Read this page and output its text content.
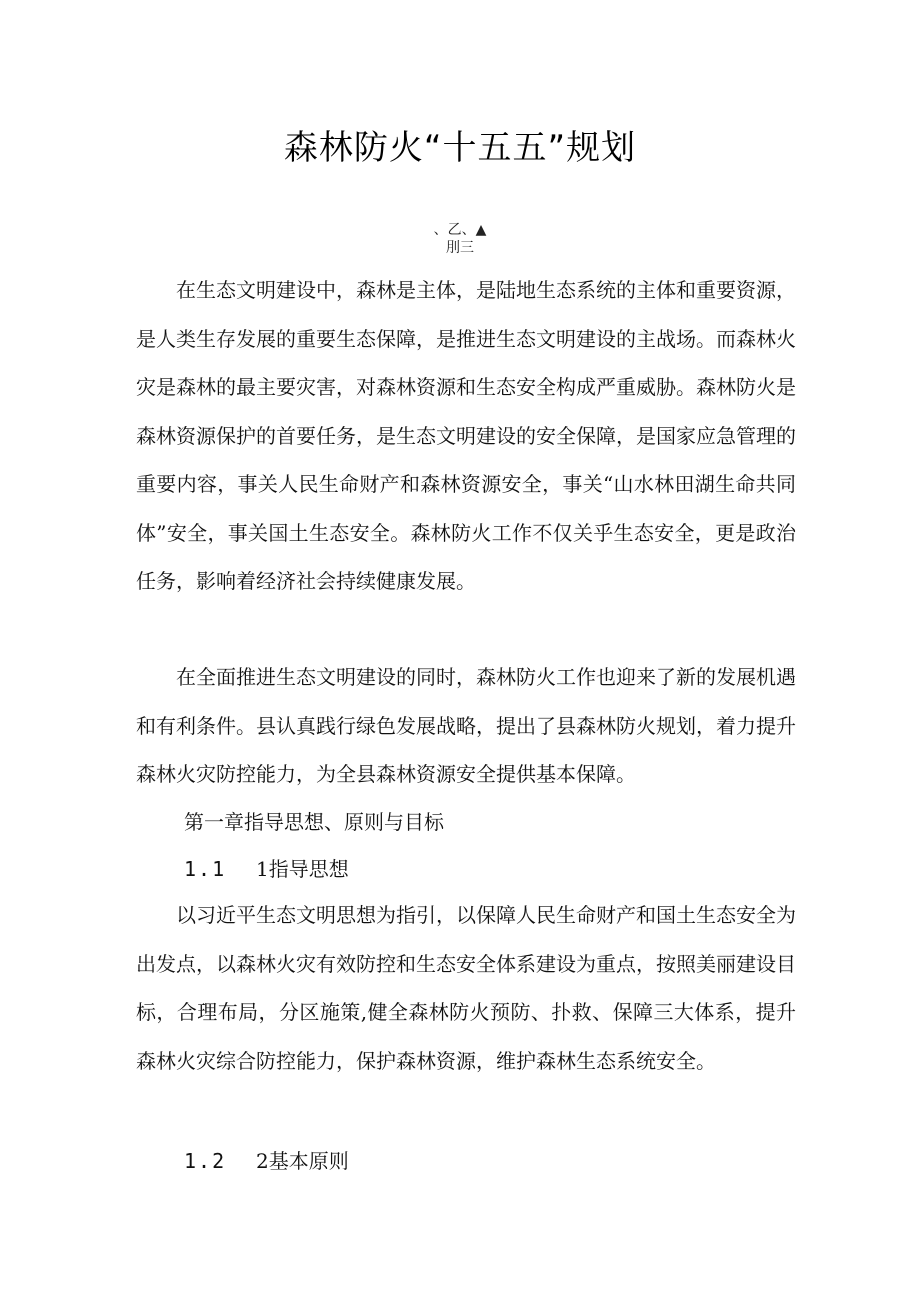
森林防火“十五五”规划
、乙、▲
刖三

在生态文明建设中，森林是主体，是陆地生态系统的主体和重要资源，是人类生存发展的重要生态保障，是推进生态文明建设的主战场。而森林火灾是森林的最主要灾害，对森林资源和生态安全构成严重威胁。森林防火是森林资源保护的首要任务，是生态文明建设的安全保障，是国家应急管理的重要内容，事关人民生命财产和森林资源安全，事关“山水林田湖生命共同体”安全，事关国土生态安全。森林防火工作不仅关乎生态安全，更是政治任务，影响着经济社会持续健康发展。

在全面推进生态文明建设的同时，森林防火工作也迎来了新的发展机遇和有利条件。县认真践行绿色发展战略，提出了县森林防火规划，着力提升森林火灾防控能力，为全县森林资源安全提供基本保障。

第一章指导思想、原则与目标

1.1 1指导思想

以习近平生态文明思想为指引，以保障人民生命财产和国土生态安全为出发点，以森林火灾有效防控和生态安全体系建设为重点，按照美丽建设目标，合理布局，分区施策,健全森林防火预防、扑救、保障三大体系，提升森林火灾综合防控能力，保护森林资源，维护森林生态系统安全。

1.2 2基本原则
